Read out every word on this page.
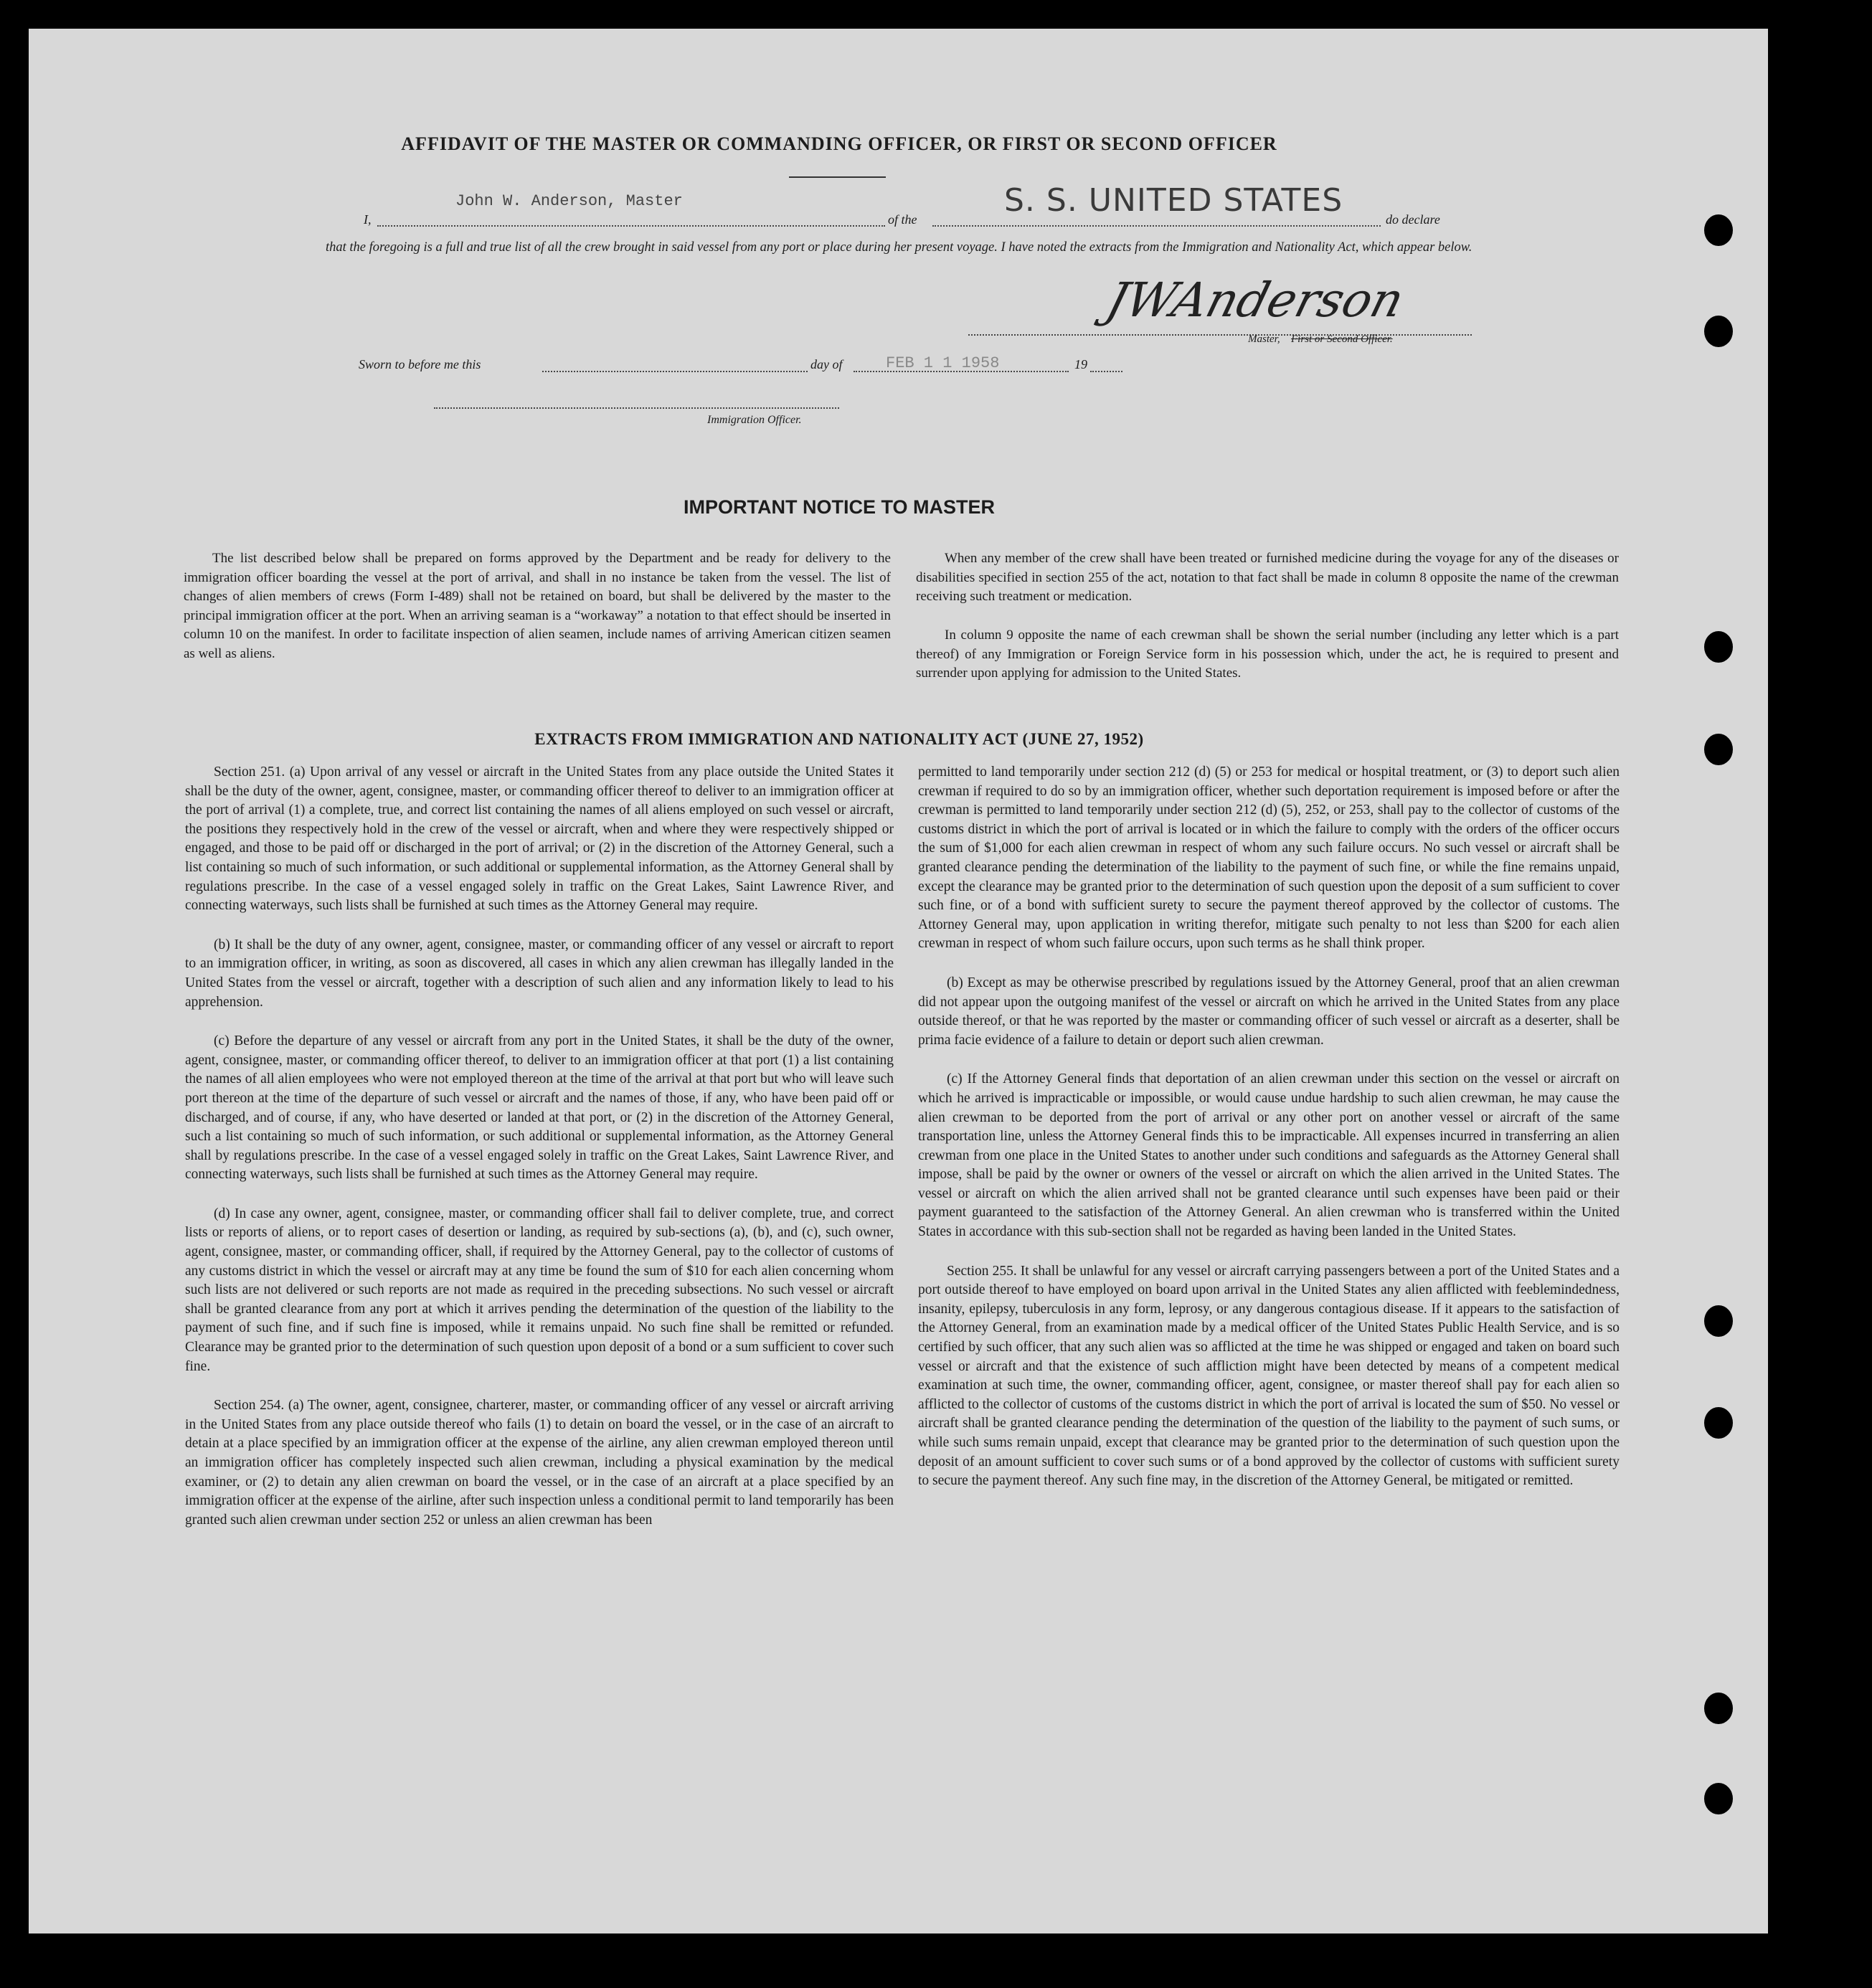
AFFIDAVIT OF THE MASTER OR COMMANDING OFFICER, OR FIRST OR SECOND OFFICER
I,
John W. Anderson, Master
of the
S. S. UNITED STATES
do declare
that the foregoing is a full and true list of all the crew brought in said vessel from any port or place during her present voyage. I have noted the extracts from the Immigration and Nationality Act, which appear below.
JWAnderson
Master, First or Second Officer.
Sworn to before me this	day of	FEB 1 1 1958	19
Immigration Officer.
IMPORTANT NOTICE TO MASTER

The list described below shall be prepared on forms approved by the Department and be ready for delivery to the immigration officer boarding the vessel at the port of arrival, and shall in no instance be taken from the vessel. The list of changes of alien members of crews (Form I-489) shall not be retained on board, but shall be delivered by the master to the principal immigration officer at the port. When an arriving seaman is a “workaway” a notation to that effect should be inserted in column 10 on the manifest. In order to facilitate inspection of alien seamen, include names of arriving American citizen seamen as well as aliens.

When any member of the crew shall have been treated or furnished medicine during the voyage for any of the diseases or disabilities specified in section 255 of the act, notation to that fact shall be made in column 8 opposite the name of the crewman receiving such treatment or medication.

In column 9 opposite the name of each crewman shall be shown the serial number (including any letter which is a part thereof) of any Immigration or Foreign Service form in his possession which, under the act, he is required to present and surrender upon applying for admission to the United States.

EXTRACTS FROM IMMIGRATION AND NATIONALITY ACT (JUNE 27, 1952)

Section 251. (a) Upon arrival of any vessel or aircraft in the United States from any place outside the United States it shall be the duty of the owner, agent, consignee, master, or commanding officer thereof to deliver to an immigration officer at the port of arrival (1) a complete, true, and correct list containing the names of all aliens employed on such vessel or aircraft, the positions they respectively hold in the crew of the vessel or aircraft, when and where they were respectively shipped or engaged, and those to be paid off or discharged in the port of arrival; or (2) in the discretion of the Attorney General, such a list containing so much of such information, or such additional or supplemental information, as the Attorney General shall by regulations prescribe. In the case of a vessel engaged solely in traffic on the Great Lakes, Saint Lawrence River, and connecting waterways, such lists shall be furnished at such times as the Attorney General may require.

(b) It shall be the duty of any owner, agent, consignee, master, or commanding officer of any vessel or aircraft to report to an immigration officer, in writing, as soon as discovered, all cases in which any alien crewman has illegally landed in the United States from the vessel or aircraft, together with a description of such alien and any information likely to lead to his apprehension.

(c) Before the departure of any vessel or aircraft from any port in the United States, it shall be the duty of the owner, agent, consignee, master, or commanding officer thereof, to deliver to an immigration officer at that port (1) a list containing the names of all alien employees who were not employed thereon at the time of the arrival at that port but who will leave such port thereon at the time of the departure of such vessel or aircraft and the names of those, if any, who have been paid off or discharged, and of course, if any, who have deserted or landed at that port, or (2) in the discretion of the Attorney General, such a list containing so much of such information, or such additional or supplemental information, as the Attorney General shall by regulations prescribe. In the case of a vessel engaged solely in traffic on the Great Lakes, Saint Lawrence River, and connecting waterways, such lists shall be furnished at such times as the Attorney General may require.

(d) In case any owner, agent, consignee, master, or commanding officer shall fail to deliver complete, true, and correct lists or reports of aliens, or to report cases of desertion or landing, as required by sub-sections (a), (b), and (c), such owner, agent, consignee, master, or commanding officer, shall, if required by the Attorney General, pay to the collector of customs of any customs district in which the vessel or aircraft may at any time be found the sum of $10 for each alien concerning whom such lists are not delivered or such reports are not made as required in the preceding subsections. No such vessel or aircraft shall be granted clearance from any port at which it arrives pending the determination of the question of the liability to the payment of such fine, and if such fine is imposed, while it remains unpaid. No such fine shall be remitted or refunded. Clearance may be granted prior to the determination of such question upon deposit of a bond or a sum sufficient to cover such fine.

Section 254. (a) The owner, agent, consignee, charterer, master, or commanding officer of any vessel or aircraft arriving in the United States from any place outside thereof who fails (1) to detain on board the vessel, or in the case of an aircraft to detain at a place specified by an immigration officer at the expense of the airline, any alien crewman employed thereon until an immigration officer has completely inspected such alien crewman, including a physical examination by the medical examiner, or (2) to detain any alien crewman on board the vessel, or in the case of an aircraft at a place specified by an immigration officer at the expense of the airline, after such inspection unless a conditional permit to land temporarily has been granted such alien crewman under section 252 or unless an alien crewman has been

permitted to land temporarily under section 212 (d) (5) or 253 for medical or hospital treatment, or (3) to deport such alien crewman if required to do so by an immigration officer, whether such deportation requirement is imposed before or after the crewman is permitted to land temporarily under section 212 (d) (5), 252, or 253, shall pay to the collector of customs of the customs district in which the port of arrival is located or in which the failure to comply with the orders of the officer occurs the sum of $1,000 for each alien crewman in respect of whom any such failure occurs. No such vessel or aircraft shall be granted clearance pending the determination of the liability to the payment of such fine, or while the fine remains unpaid, except the clearance may be granted prior to the determination of such question upon the deposit of a sum sufficient to cover such fine, or of a bond with sufficient surety to secure the payment thereof approved by the collector of customs. The Attorney General may, upon application in writing therefor, mitigate such penalty to not less than $200 for each alien crewman in respect of whom such failure occurs, upon such terms as he shall think proper.

(b) Except as may be otherwise prescribed by regulations issued by the Attorney General, proof that an alien crewman did not appear upon the outgoing manifest of the vessel or aircraft on which he arrived in the United States from any place outside thereof, or that he was reported by the master or commanding officer of such vessel or aircraft as a deserter, shall be prima facie evidence of a failure to detain or deport such alien crewman.

(c) If the Attorney General finds that deportation of an alien crewman under this section on the vessel or aircraft on which he arrived is impracticable or impossible, or would cause undue hardship to such alien crewman, he may cause the alien crewman to be deported from the port of arrival or any other port on another vessel or aircraft of the same transportation line, unless the Attorney General finds this to be impracticable. All expenses incurred in transferring an alien crewman from one place in the United States to another under such conditions and safeguards as the Attorney General shall impose, shall be paid by the owner or owners of the vessel or aircraft on which the alien arrived in the United States. The vessel or aircraft on which the alien arrived shall not be granted clearance until such expenses have been paid or their payment guaranteed to the satisfaction of the Attorney General. An alien crewman who is transferred within the United States in accordance with this sub-section shall not be regarded as having been landed in the United States.

Section 255. It shall be unlawful for any vessel or aircraft carrying passengers between a port of the United States and a port outside thereof to have employed on board upon arrival in the United States any alien afflicted with feeblemindedness, insanity, epilepsy, tuberculosis in any form, leprosy, or any dangerous contagious disease. If it appears to the satisfaction of the Attorney General, from an examination made by a medical officer of the United States Public Health Service, and is so certified by such officer, that any such alien was so afflicted at the time he was shipped or engaged and taken on board such vessel or aircraft and that the existence of such affliction might have been detected by means of a competent medical examination at such time, the owner, commanding officer, agent, consignee, or master thereof shall pay for each alien so afflicted to the collector of customs of the customs district in which the port of arrival is located the sum of $50. No vessel or aircraft shall be granted clearance pending the determination of the question of the liability to the payment of such sums, or while such sums remain unpaid, except that clearance may be granted prior to the determination of such question upon the deposit of an amount sufficient to cover such sums or of a bond approved by the collector of customs with sufficient surety to secure the payment thereof. Any such fine may, in the discretion of the Attorney General, be mitigated or remitted.
